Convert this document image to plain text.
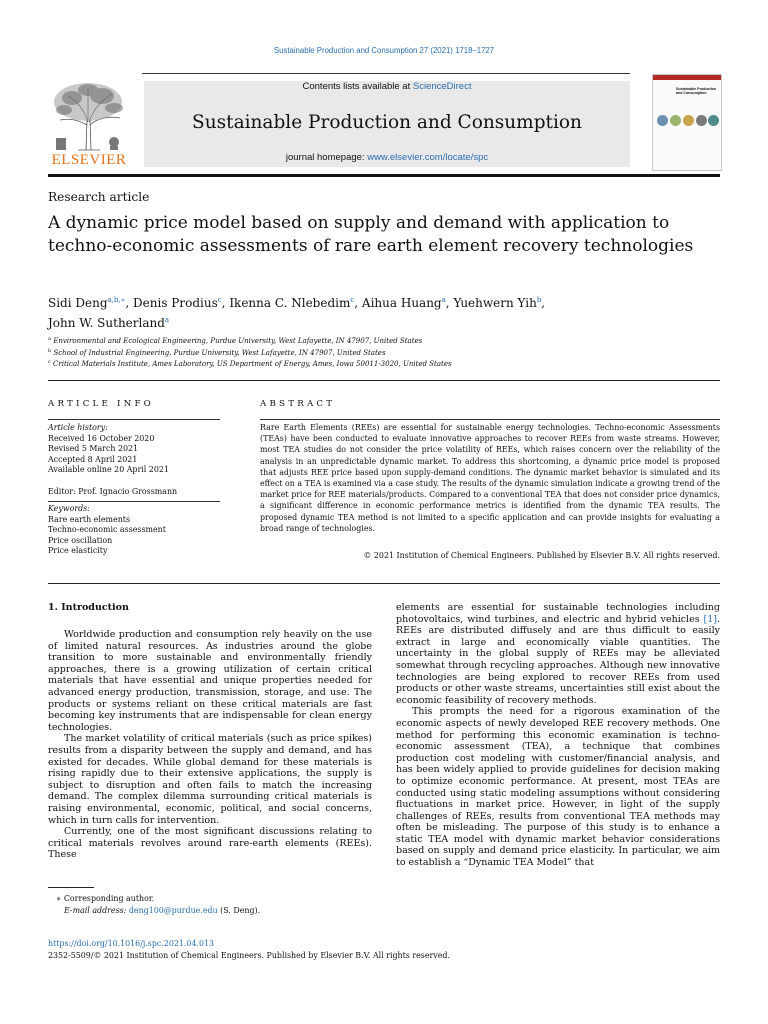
Sustainable Production and Consumption 27 (2021) 1718–1727
ELSEVIER
Contents lists available at ScienceDirect
Sustainable Production and Consumption
journal homepage: www.elsevier.com/locate/spc
Sustainable Production and Consumption
Research article
A dynamic price model based on supply and demand with application to techno-economic assessments of rare earth element recovery technologies
Sidi Deng$^{a,b,∗}$, Denis Prodius$^c$, Ikenna C. Nlebedim$^c$, Aihua Huang$^a$, Yuehwern Yih$^b$,
John W. Sutherland$^a$
$^a$ Environmental and Ecological Engineering, Purdue University, West Lafayette, IN 47907, United States
$^b$ School of Industrial Engineering, Purdue University, West Lafayette, IN 47907, United States
$^c$ Critical Materials Institute, Ames Laboratory, US Department of Energy, Ames, Iowa 50011-3020, United States
ARTICLE INFO
Article history:
Received 16 October 2020
Revised 5 March 2021
Accepted 8 April 2021
Available online 20 April 2021
Editor: Prof. Ignacio Grossmann
Keywords:
Rare earth elements
Techno-economic assessment
Price oscillation
Price elasticity
ABSTRACT
Rare Earth Elements (REEs) are essential for sustainable energy technologies. Techno-economic Assessments (TEAs) have been conducted to evaluate innovative approaches to recover REEs from waste streams. However, most TEA studies do not consider the price volatility of REEs, which raises concern over the reliability of the analysis in an unpredictable dynamic market. To address this shortcoming, a dynamic price model is proposed that adjusts REE price based upon supply-demand conditions. The dynamic market behavior is simulated and its effect on a TEA is examined via a case study. The results of the dynamic simulation indicate a growing trend of the market price for REE materials/products. Compared to a conventional TEA that does not consider price dynamics, a significant difference in economic performance metrics is identified from the dynamic TEA results. The proposed dynamic TEA method is not limited to a specific application and can provide insights for evaluating a broad range of technologies.
© 2021 Institution of Chemical Engineers. Published by Elsevier B.V. All rights reserved.
1. Introduction

Worldwide production and consumption rely heavily on the use of limited natural resources. As industries around the globe transition to more sustainable and environmentally friendly approaches, there is a growing utilization of certain critical materials that have essential and unique properties needed for advanced energy production, transmission, storage, and use. The products or systems reliant on these critical materials are fast becoming key instruments that are indispensable for clean energy technologies.

The market volatility of critical materials (such as price spikes) results from a disparity between the supply and demand, and has existed for decades. While global demand for these materials is rising rapidly due to their extensive applications, the supply is subject to disruption and often fails to match the increasing demand. The complex dilemma surrounding critical materials is raising environmental, economic, political, and social concerns, which in turn calls for intervention.

Currently, one of the most significant discussions relating to critical materials revolves around rare-earth elements (REEs). These

elements are essential for sustainable technologies including photovoltaics, wind turbines, and electric and hybrid vehicles [1]. REEs are distributed diffusely and are thus difficult to easily extract in large and economically viable quantities. The uncertainty in the global supply of REEs may be alleviated somewhat through recycling approaches. Although new innovative technologies are being explored to recover REEs from used products or other waste streams, uncertainties still exist about the economic feasibility of recovery methods.

This prompts the need for a rigorous examination of the economic aspects of newly developed REE recovery methods. One method for performing this economic examination is techno-economic assessment (TEA), a technique that combines production cost modeling with customer/financial analysis, and has been widely applied to provide guidelines for decision making to optimize economic performance. At present, most TEAs are conducted using static modeling assumptions without considering fluctuations in market price. However, in light of the supply challenges of REEs, results from conventional TEA methods may often be misleading. The purpose of this study is to enhance a static TEA model with dynamic market behavior considerations based on supply and demand price elasticity. In particular, we aim to establish a “Dynamic TEA Model” that

∗ Corresponding author.
E-mail address: deng100@purdue.edu (S. Deng).
https://doi.org/10.1016/j.spc.2021.04.013
2352-5509/© 2021 Institution of Chemical Engineers. Published by Elsevier B.V. All rights reserved.
